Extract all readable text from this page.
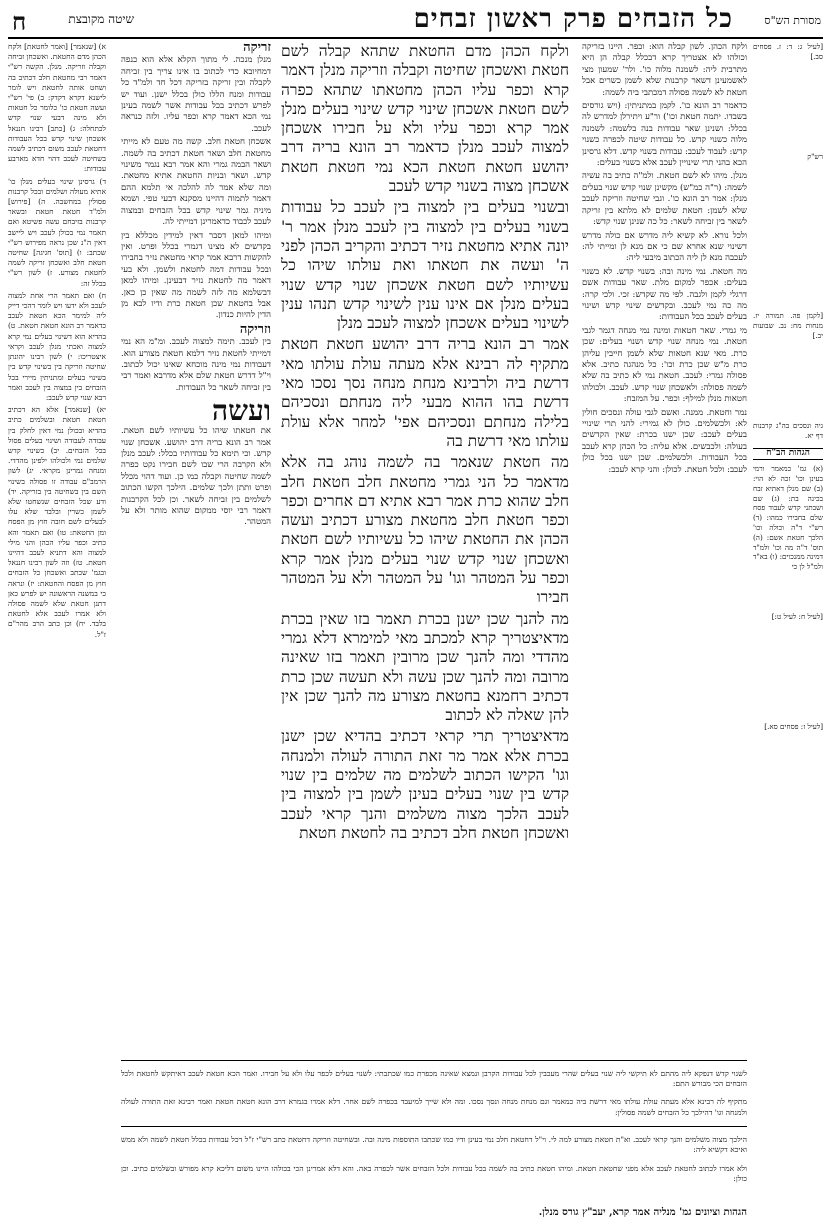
מסורת הש"ס
כל הזבחים פרק ראשון זבחים
שיטה מקובצת
ח

[לעיל ג: ד: ז. פסחים סב.]

רש"ק

[לקמן פה. תמורה יז. מנחות מח: נב. שבועות יב.]

גיה ונסכים בה"ג קרבנות דף יא.

הגהות הב"ח

(א) גמ' כמאמר ורמי בעינן וכו' זכה לא הוי: (ב) שם מנלן דאתיא זבח בכינה בת: (ג) שם ושבתני קדש לעבוד פסח שלם בחבירו כמהו: (ד) רש"י ד"ה וכולה וכו' הלכך חטאת אשם: (ה) תוס' ד"ה מה וכו' ולמ"ד דמינה ממנכוים: (ו) בא"ד ולמ"ל לן כי

[לעיל ח: לעיל ט:]

[לעיל ז: פסחים סא.]

ולקח הכהן. לשון קבלה הוא: וכפר. היינו בזריקה וכולהו לא אצטריך קרא דבכלל קבלה הן היא מתרבית ליה: לשמנה מלוה כו'. ולר' שמעון מצי לאשמעינן דשאר קרבנות שלא לשמן כשרים אבל חטאת לא לשמה פסולה דמכתבי ביה לשמה:

כדאמר רב הונא כו'. לקמן במתניתין: (ויש גורסים בשבדו. יתמה חטאת וכו') ור"ע ויתירלן למדרש לה בכלל: ושנינן שאר עבודות בנה בלשמה: לשמנה מלוה כשנוי קדש. כל עבודות שיטה לכפרה כשנוי קדש: לעבוד לעכב: עבודות בשנוי קדש. דלא גרסינן הכא בהני תרי שינויין לעכב אלא בשנוי בעלים:

מנלן. מיהו לא לשם חטאת. ולמ"ה כתיב בה עשיה לשמה: (ר"ה כמ"ש) מקשינן שנוי קדש שנוי בעלים מנלן: אמר רב הונא כו'. וגבי שחיטה וזריקה לעכב שלא לשמן: חטאת שלמים לא מלתא בין זריקה לשאר בין זביחה לשאר: כל כה שנינן שנוי קדש:

ולכל נורא. לא קשיא ליה מדרש אם כולה מדרש דשינוי שנא אחרא שם כי אם מנא לן ומייתי לה: לעכבה מנא לן ליה הכתוב מיבעי ליה:

מה חטאת. נמי מינה ובה: בשנוי קדש. לא בשנוי בעלים: אכפר למקום מלת. שאר עבודות אשם דרגלי לקמן ולגבה. לפי מה שקדש: זכי. ולכי קרה: מה כה נמי לעכב. ובקדשים שינוי קדש ושינוי בעלים לעכב בכל העבודות:

מי גמרי. שאר חטאות ומינה נמי מנחה דגמר לגבי חטאת. נמי מנחה שנוי קדש ושנוי בעלים: שכן כרת. מאי שנא חטאות שלא לשמן חייבין עליהן כרת מ"ש שכן כרת וכו': כל מנהגה כתיב. אלא פסולה גמרי: לעכב. חטאת נמי לא כתיב בה שלא לשמה פסולה: ולאשכחן שנוי קדש. לעכב. ולכולהו חטאות מנלן למילף: וכפר. על המזבח:

נמר וחטאת. ממנה. ואשם לגבי עולה ונסכים חולין לא: ולכשלמים. כולן לא גמירי: להני תרי שינויי בעלים לעכב: שכן ישנו בכרת: שאין הקדשים בעולה: ולכבשים. אלא עליה: כל הכהן קרא לעכב בכל העבודות. ולכשלמים. שכן ישנו בכל כולן לעכב: ולכל חטאת. לכולן: והני קרא לעכב:

ולקח הכהן מדם החטאת שתהא קבלה לשם חטאת ואשכחן שחיטה וקבלה וזריקה מנלן דאמר קרא וכפר עליו הכהן מחטאתו שתהא כפרה לשם חטאת אשכחן שינוי קדש שינוי בעלים מנלן אמר קרא וכפר עליו ולא על חבירו אשכחן למצוה לעכב מנלן כדאמר רב הונא בריה דרב יהושע חטאת חטאת הכא נמי חטאת חטאת אשכחן מצוה בשנוי קדש לעכב

ובשנוי בעלים בין למצוה בין לעכב כל עבודות בשנוי בעלים בין למצוה בין לעכב מנלן אמר ר' יונה אתיא מחטאת נזיר דכתיב והקריב הכהן לפני ה' ועשה את חטאתו ואת עולתו שיהו כל עשיותיו לשם חטאת אשכחן שנוי קדש שנוי בעלים מנלן אם אינו ענין לשינוי קדש תנהו ענין לשינוי בעלים אשכחן למצוה לעכב מנלן

אמר רב הונא בריה דרב יהושע חטאת חטאת מתקיף לה רבינא אלא מעתה עולת עולתו מאי דרשת ביה ולרבינא מנחת מנחה נסך נסכו מאי דרשת בהו ההוא מבעי ליה מנחתם ונסכיהם בלילה מנחתם ונסכיהם אפי' למחר אלא עולת עולתו מאי דרשת בה

מה חטאת שנאמר בה לשמה נוהג בה אלא מדאמר כל הני גמרי מחטאת חלב חטאת חלב חלב שהוא כרת אמר רבא אתיא דם אחרים וכפר וכפר חטאת חלב מחטאת מצורע דכתיב ועשה הכהן את החטאת שיהו כל עשיותיו לשם חטאת ואשכחן שנוי קדש שנוי בעלים מנלן אמר קרא וכפר על המטהר וגו' על המטהר ולא על המטהר חבירו

מה להנך שכן ישנן בכרת תאמר בזו שאין בכרת מדאיצטריך קרא למכתב מאי למימרא דלא גמרי מהדדי ומה להנך שכן מרובין תאמר בזו שאינה מרובה ומה להנך שכן עשה ולא תעשה שכן כרת דכתיב רחמנא בחטאת מצורע מה להנך שכן אין להן שאלה לא לכתוב

מדאיצטריך תרי קראי דכתיב בהדיא שכן ישנן בכרת אלא אמר מר זאת התורה לעולה ולמנחה וגו' הקישו הכתוב לשלמים מה שלמים בין שנוי קדש בין שנוי בעלים בעינן לשמן בין למצוה בין לעכב הלכך מצוה משלמים והנך קראי לעכב ואשכחן חטאת חלב דכתיב בה לחטאת חטאת

זריקה

מנלן מנכה. לי מתוך הקלא אלא הוא כנפה דמחיובא כדי לכתוב בו אינו צריך בין זביחה לקבלה ובין זריקה בזריקה דכל חד ולמ"ד כל עבודות ומנח הללו כולן בכלל ישנן. ועוד יש לפרש דכתיב בכל עבודות אשר לשמה בעינן נמי הכא דאמר קרא וכפר עליו. ולזה כנראה לעכב.

אשכחן חטאת חלב. קשה מה טעם לא מייתי מחטאת חלב ושאר חטאת דכתיב בה לשמה. ושאר הבמה גמרי והא אמר רבא נגמר משינוי קדש. ושאר ובניות החטאת אתיא מחטאת. ומה שלא אמר לה להלכה אי תלמא ההם דאמר לתמוה דהיינו מסקנא דבעי טפי. ושמא מיניה גמר שינוי קדש בכל הזבחים ובמצוה לעכב לכבוד כדאמרינן דמייתי לה.

ומיהו למאן דסבר דאין למידין מכללא בין בקדשים לא מצינו דגמרי בכלל ופרט. ואין להקשות דרבא אמר קראי מחטאת נזיר בחבירו ובכל עבודות דמה לחטאת ולשמן. ולא בעי דאמר מה לחטאת נזיר דבעינן. ומיהו למאן דבשלמא מה לזה לשמה מה שאין כן כאן. אבל בחטאת שכן חטאת כרת ודיו לבא מן הדין להיות כנדון.

וזריקה

בין לעכב. תימה למצוה לעכב. ומ"מ הא נמי דמייתי לחטאת נזיר דלמא חטאת מצורע הוא. דעבודות נמי מינה מוכחא שאינו יכול לכתוב. וי"ל דדרש חטאת שלם אלא מדרבא ואמר רבי בין זביחה לשאר כל העבודות.

ועשה

את חטאתו שיהו כל עשיותיו לשם חטאת. אמר רב הונא בריה דרב יהושע. אשכחן שנוי קדש. וכי תימא כל עבודותיו בכלל: לעכב מנלן ולא הקרבה הרי שבו לשם חבירו נקט כפרה לשמה שחיטה וקבלה כמו כן. ועוד דהוי מכלל ופרט ותתן ולכך שלמים. הילכך הקשו הכתוב לשלמים בין זביחה לשאר. וכן לכל הקרבנות דאמר רבי יוסי ממקום שהוא מותר ולא על המטהר.

א) [שנאמר] [ואמר לחטאת] ולקח הכהן מדם החטאת. ואשכחן זביחה וקבלה וזריקה. מנלן. הקשה רש"י דאמר רבי מחטאת חלב דכתיב בה ושחט אותה לחטאת ויש לומר לישנא דקרא דקדק: ב) פי' רש"י ועשה חטאת כו' כלומר כל חטאות ולא מינה דבעי שנוי קדש לכתחלה: ג) [כתב] רבינו חננאל אשכחן שינוי קדש בכל העבודות דחטאת לעכב משום דכתיב לשמה בשחיטה לעכב דהוי חדא מארבע עבודות:

ד) גרסינן שינוי בעלים מנלן כו' אתיא מעולה ושלמים ובכל קרבנות פסולין במחשבה. ה) [פירוש] ולמ"ד חטאת חטאת ובשאר קרבנות בזיבחם עשה פשיטא ואם תאמר נמי בכולן לעכב ויש ליישב דאין ה"נ שכן נראה מפירוש רש"י שכתב: ו) [תוס' חגיגה] שחיטה חטאת חלב ואשכחן זריקה לשמה לחטאת מצורע. ז) לשון רש"י בכלל זה:

ח) ואם תאמר הרי אחת למצוה לעכב ולא ידעו ויש לומר דהכי דייק ליה למימר הכא חטאת לעכב כדאמר רב הונא חטאת חטאת. ט) בהדיא הוא דשינוי בעלים נמי קרא למצוה ואכתי מנלן לעכב וקראי איצטריכו: י) לשון רבינו יהונתן שחיטה וזריקה בין בשינוי קדש בין בשינוי בעלים ומתניתין מיירי בכל הזבחים בין במצוה בין לעכב ואמר רבא שנוי קדש לעכב:

יא) [שנאמר] אלא הא דכתיב חטאת חטאת ובשלמים כתיב בהדיא ובכולן נמי דאין לחלק בין עבודה לעבודה ושינוי בעלים פסול בכל הזבחים. יב) כשינוי קדש שלמים נמי ולכולהו ילפינן מהדדי. ומנחה גמרינן מקראי. יג) לשון הרמב"ם עבודה זו פסולה בשינוי השם בין בשחיטה בין בזריקה. יד) ודע שכל הזבחים שנשחטו שלא לשמן כשרין ובלבד שלא עלו לבעלים לשם חובה חוץ מן הפסח ומן החטאת: טו) ואם תאמר והא כתיב וכפר עליו הכהן והני מילי למצוה והא דתניא לעכב דהיינו חטאת. טז) וזה לשון רבינו חננאל ובגמ' שכתב ואשכחן כל הזבחים חוץ מן הפסח והחטאת: יז) ונראה כי במשנה הראשונה יש לפרש כאן דתנן חטאת שלא לשמה פסולה ולא אמרו לעכב אלא לחטאת בלבד. יח) וכן כתב הרב מהר"ם ז"ל.

לשנוי קדש דנפקא ליה מהתם לא תיקשי ליה שנוי בעלים שהרי מעכבין לכל עבודות הקרבן ונמצא שאינה מכפרת כמו שכתבתי: לשנוי בעלים לכפר עלו ולא על חבירו. ואמר הכא חטאת לעכב דאיתקש לחטאת ולכל הזבחים הכי מבורש התם:

מתקיף לה רבינא אלא מעתה עולת עולתו מאי דרשת ביה כמאמר וגם מנחת מנחה ונסך נסכו. ומה ולא שייך למיעבד בכפרה לשם אחר. דלא אמרו בגמרא דרב הונא חטאת חטאת ואמר רבינא זאת התורה לעולה ולמנחה וגו' דהילכך כל הזבחים לשמה פסולין:

הילכך מצוה משלמים והנך קראי לעכב. וא"ת חטאת מצורע למה לי. וי"ל דחטאת חלב נמי בעינן ודיו כמו שכתבו התוספות מינה ובה. ובשחיטה וזריקה דחטאת כתב רש"י ז"ל דכל עבודות בכלל חטאת לשמה ולא ממש ואיכא דקשיא ליה:

ולא אמרו לכתוב לחטאת לעכב אלא מפני שחטאת חטאת. ומיהו חטאת כתיב בה לשמה בכל עבודות ולכל הזבחים אשר לכפרה באה. והא דלא אמרינן הכי בכולהו היינו משום דליכא קרא מפורש ובשלמים כתיב. וכן כולן:

הגהות וציונים גמ' מנליה אמר קרא, יעב"ץ גורס מנלן.
